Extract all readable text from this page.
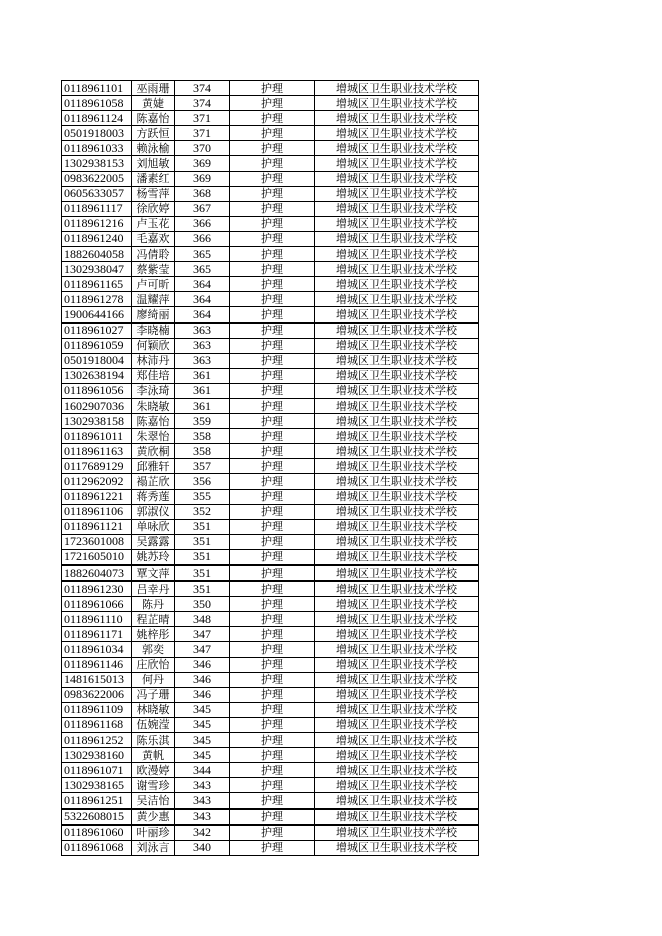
0118961101	巫雨珊	374	护理	增城区卫生职业技术学校
0118961058	黄婕	374	护理	增城区卫生职业技术学校
0118961124	陈嘉怡	371	护理	增城区卫生职业技术学校
0501918003	方跃恒	371	护理	增城区卫生职业技术学校
0118961033	赖泳榆	370	护理	增城区卫生职业技术学校
1302938153	刘旭敏	369	护理	增城区卫生职业技术学校
0983622005	潘素红	369	护理	增城区卫生职业技术学校
0605633057	杨雪萍	368	护理	增城区卫生职业技术学校
0118961117	徐欣婷	367	护理	增城区卫生职业技术学校
0118961216	卢玉花	366	护理	增城区卫生职业技术学校
0118961240	毛嘉欢	366	护理	增城区卫生职业技术学校
1882604058	冯倩聆	365	护理	增城区卫生职业技术学校
1302938047	蔡紫莹	365	护理	增城区卫生职业技术学校
0118961165	卢可昕	364	护理	增城区卫生职业技术学校
0118961278	温耀萍	364	护理	增城区卫生职业技术学校
1900644166	廖绮丽	364	护理	增城区卫生职业技术学校
0118961027	李晓楠	363	护理	增城区卫生职业技术学校
0118961059	何颖欣	363	护理	增城区卫生职业技术学校
0501918004	林沛丹	363	护理	增城区卫生职业技术学校
1302638194	郑佳培	361	护理	增城区卫生职业技术学校
0118961056	李泳琦	361	护理	增城区卫生职业技术学校
1602907036	朱晓敏	361	护理	增城区卫生职业技术学校
1302938158	陈嘉怡	359	护理	增城区卫生职业技术学校
0118961011	朱翠怡	358	护理	增城区卫生职业技术学校
0118961163	黄欣桐	358	护理	增城区卫生职业技术学校
0117689129	邱雅轩	357	护理	增城区卫生职业技术学校
0112962092	褟芷欣	356	护理	增城区卫生职业技术学校
0118961221	蒋秀莲	355	护理	增城区卫生职业技术学校
0118961106	郭淑仪	352	护理	增城区卫生职业技术学校
0118961121	单咏欣	351	护理	增城区卫生职业技术学校
1723601008	吴露露	351	护理	增城区卫生职业技术学校
1721605010	姚苏玲	351	护理	增城区卫生职业技术学校
1882604073	覃文萍	351	护理	增城区卫生职业技术学校
0118961230	吕幸丹	351	护理	增城区卫生职业技术学校
0118961066	陈丹	350	护理	增城区卫生职业技术学校
0118961110	程芷晴	348	护理	增城区卫生职业技术学校
0118961171	姚梓彤	347	护理	增城区卫生职业技术学校
0118961034	郭奕	347	护理	增城区卫生职业技术学校
0118961146	庄欣怡	346	护理	增城区卫生职业技术学校
1481615013	何丹	346	护理	增城区卫生职业技术学校
0983622006	冯子珊	346	护理	增城区卫生职业技术学校
0118961109	林晓敏	345	护理	增城区卫生职业技术学校
0118961168	伍婉滢	345	护理	增城区卫生职业技术学校
0118961252	陈乐淇	345	护理	增城区卫生职业技术学校
1302938160	黄帆	345	护理	增城区卫生职业技术学校
0118961071	欧漫婷	344	护理	增城区卫生职业技术学校
1302938165	谢雪珍	343	护理	增城区卫生职业技术学校
0118961251	吴洁怡	343	护理	增城区卫生职业技术学校
5322608015	黄少惠	343	护理	增城区卫生职业技术学校
0118961060	叶丽珍	342	护理	增城区卫生职业技术学校
0118961068	刘泳言	340	护理	增城区卫生职业技术学校
